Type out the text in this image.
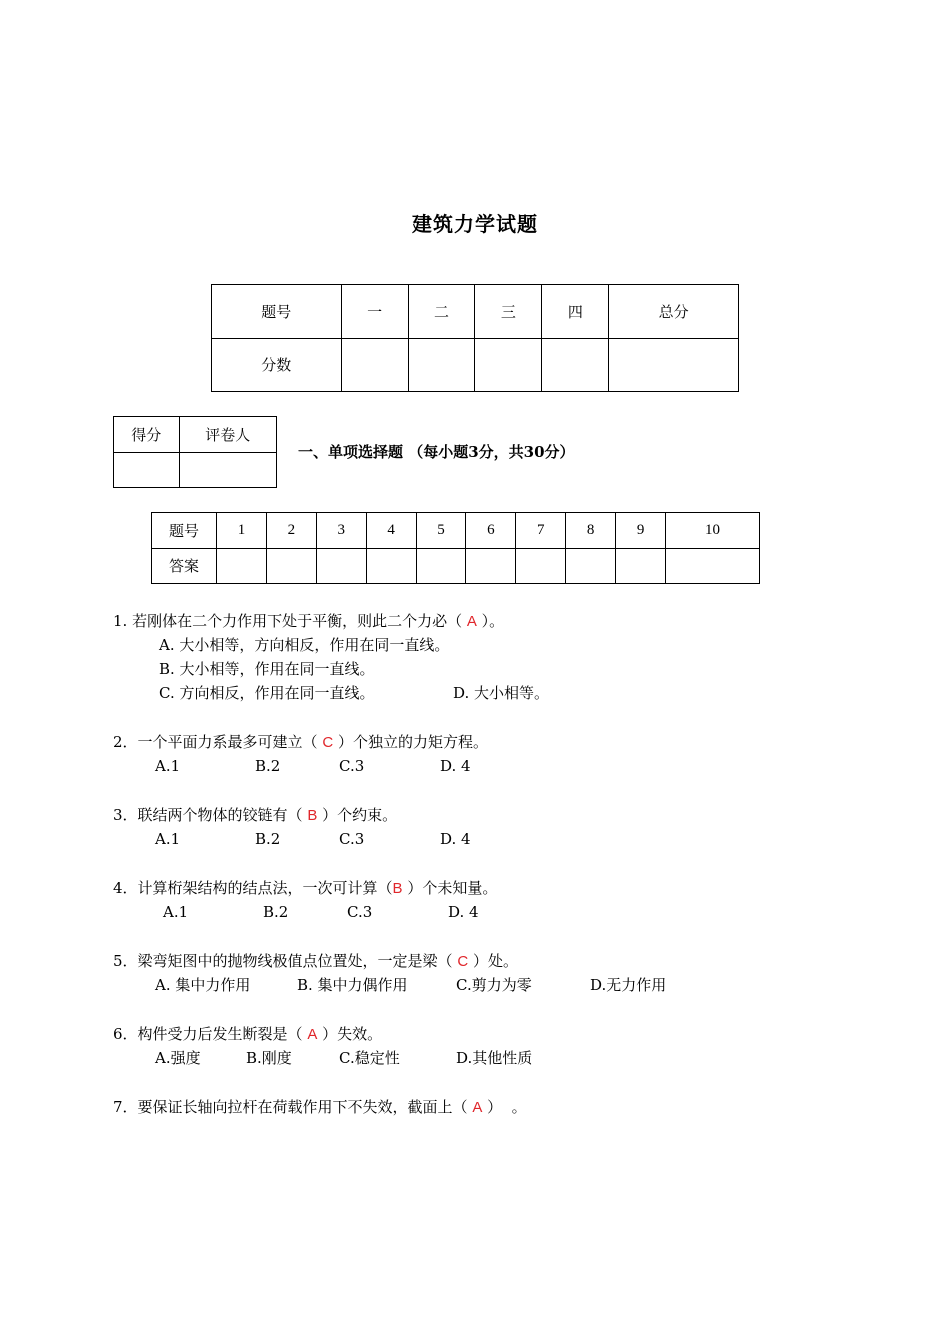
建筑力学试题
题号	一	二	三	四	总分
分数					
得分	评卷人

一、单项选择题 （每小题3分，共30分）
题号	1	2	3	4	5	6	7	8	9	10
答案										
1. 若刚体在二个力作用下处于平衡，则此二个力必（ A ）。
A. 大小相等，方向相反，作用在同一直线。
B. 大小相等，作用在同一直线。
C. 方向相反，作用在同一直线。	D. 大小相等。
2．一个平面力系最多可建立（ C ）个独立的力矩方程。
A.1	B.2	C.3	D. 4
3．联结两个物体的铰链有（ B ）个约束。
A.1	B.2	C.3	D. 4
4．计算桁架结构的结点法，一次可计算（B ）个未知量。
A.1	B.2	C.3	D. 4
5．梁弯矩图中的抛物线极值点位置处，一定是梁（ C ）处。
A. 集中力作用	B. 集中力偶作用	C.剪力为零	D.无力作用
6．构件受力后发生断裂是（ A ）失效。
A.强度	B.刚度	C.稳定性	D.其他性质
7．要保证长轴向拉杆在荷载作用下不失效，截面上（ A ）  。
